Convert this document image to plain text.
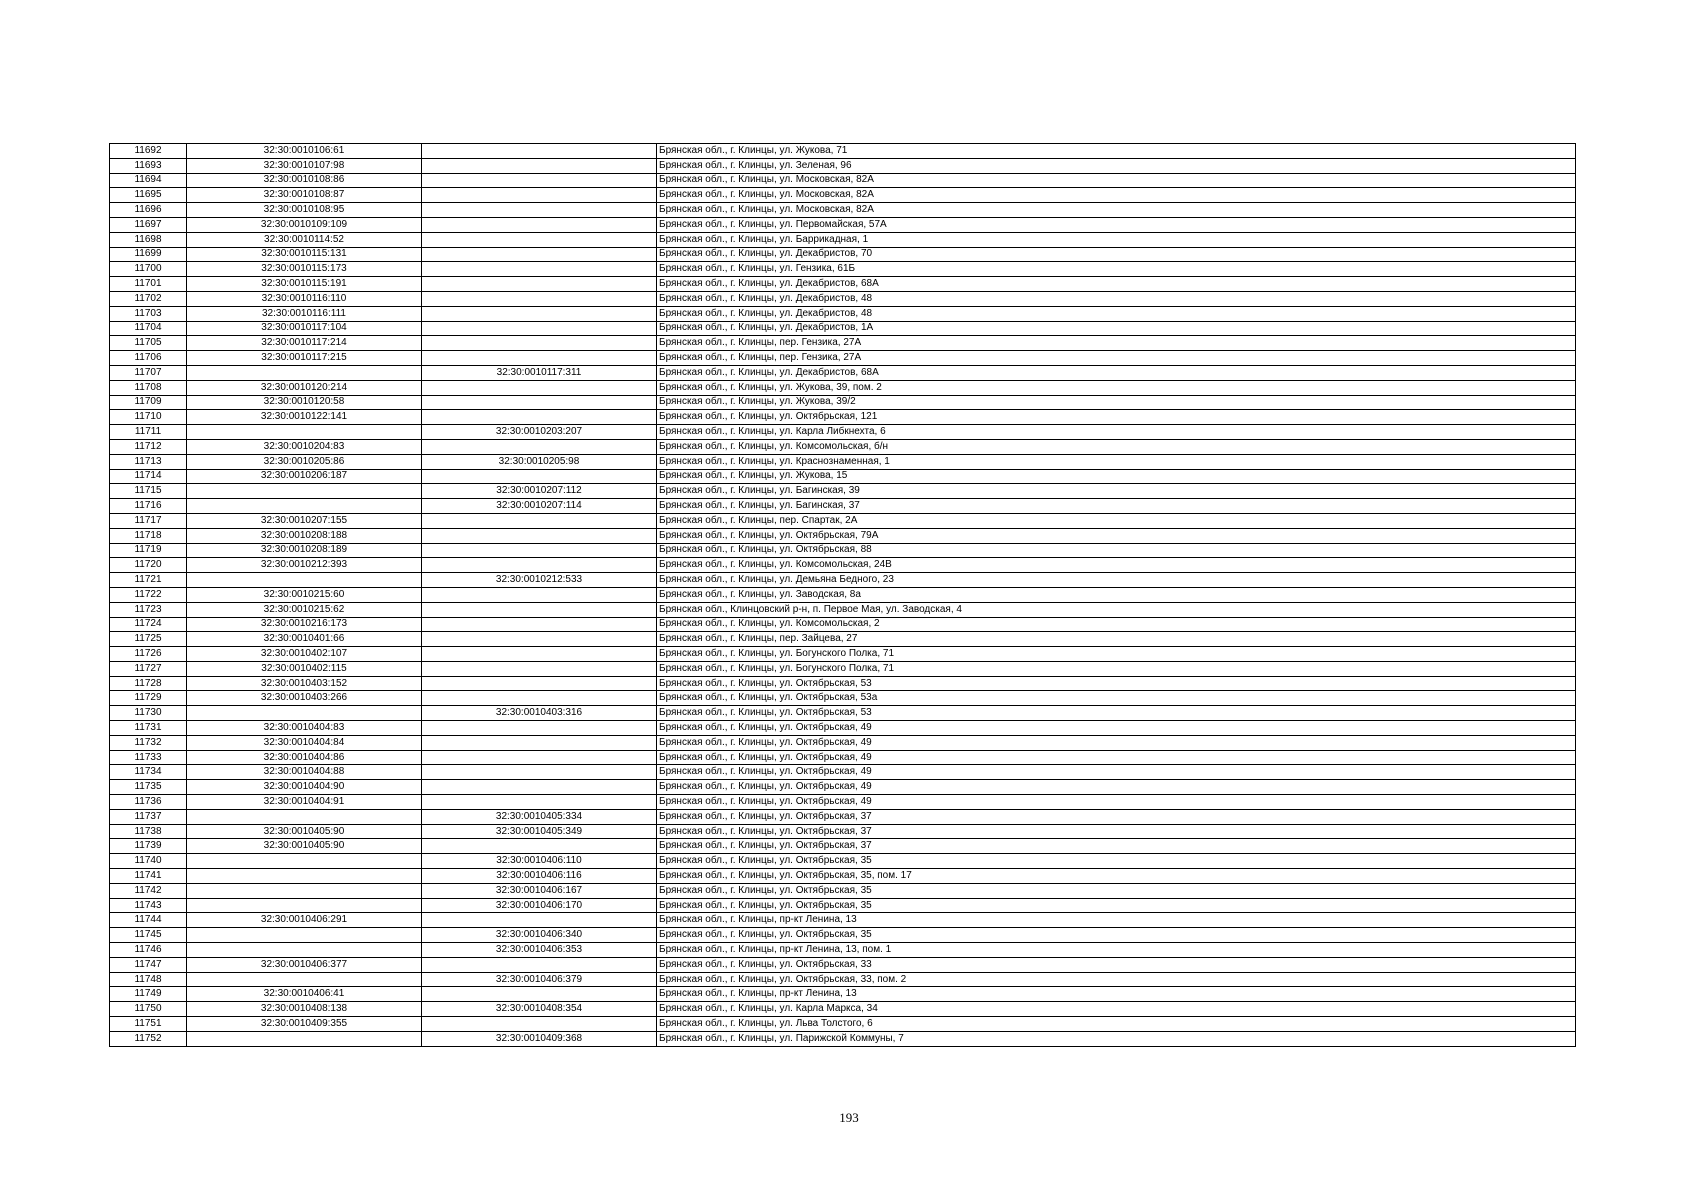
11692	32:30:0010106:61		Брянская обл., г. Клинцы, ул. Жукова, 71
11693	32:30:0010107:98		Брянская обл., г. Клинцы, ул. Зеленая, 96
11694	32:30:0010108:86		Брянская обл., г. Клинцы, ул. Московская, 82А
11695	32:30:0010108:87		Брянская обл., г. Клинцы, ул. Московская, 82А
11696	32:30:0010108:95		Брянская обл., г. Клинцы, ул. Московская, 82А
11697	32:30:0010109:109		Брянская обл., г. Клинцы, ул. Первомайская, 57А
11698	32:30:0010114:52		Брянская обл., г. Клинцы, ул. Баррикадная, 1
11699	32:30:0010115:131		Брянская обл., г. Клинцы, ул. Декабристов, 70
11700	32:30:0010115:173		Брянская обл., г. Клинцы, ул. Гензика, 61Б
11701	32:30:0010115:191		Брянская обл., г. Клинцы, ул. Декабристов, 68А
11702	32:30:0010116:110		Брянская обл., г. Клинцы, ул. Декабристов, 48
11703	32:30:0010116:111		Брянская обл., г. Клинцы, ул. Декабристов, 48
11704	32:30:0010117:104		Брянская обл., г. Клинцы, ул. Декабристов, 1А
11705	32:30:0010117:214		Брянская обл., г. Клинцы, пер. Гензика, 27А
11706	32:30:0010117:215		Брянская обл., г. Клинцы, пер. Гензика, 27А
11707		32:30:0010117:311	Брянская обл., г. Клинцы, ул. Декабристов, 68А
11708	32:30:0010120:214		Брянская обл., г. Клинцы, ул. Жукова, 39, пом. 2
11709	32:30:0010120:58		Брянская обл., г. Клинцы, ул. Жукова, 39/2
11710	32:30:0010122:141		Брянская обл., г. Клинцы, ул. Октябрьская, 121
11711		32:30:0010203:207	Брянская обл., г. Клинцы, ул. Карла Либкнехта, 6
11712	32:30:0010204:83		Брянская обл., г. Клинцы, ул. Комсомольская, б/н
11713	32:30:0010205:86	32:30:0010205:98	Брянская обл., г. Клинцы, ул. Краснознаменная, 1
11714	32:30:0010206:187		Брянская обл., г. Клинцы, ул. Жукова, 15
11715		32:30:0010207:112	Брянская обл., г. Клинцы, ул. Багинская, 39
11716		32:30:0010207:114	Брянская обл., г. Клинцы, ул. Багинская, 37
11717	32:30:0010207:155		Брянская обл., г. Клинцы, пер. Спартак, 2А
11718	32:30:0010208:188		Брянская обл., г. Клинцы, ул. Октябрьская, 79А
11719	32:30:0010208:189		Брянская обл., г. Клинцы, ул. Октябрьская, 88
11720	32:30:0010212:393		Брянская обл., г. Клинцы, ул. Комсомольская, 24В
11721		32:30:0010212:533	Брянская обл., г. Клинцы, ул. Демьяна Бедного, 23
11722	32:30:0010215:60		Брянская обл., г. Клинцы, ул. Заводская, 8а
11723	32:30:0010215:62		Брянская обл., Клинцовский р-н, п. Первое Мая, ул. Заводская, 4
11724	32:30:0010216:173		Брянская обл., г. Клинцы, ул. Комсомольская, 2
11725	32:30:0010401:66		Брянская обл., г. Клинцы, пер. Зайцева, 27
11726	32:30:0010402:107		Брянская обл., г. Клинцы, ул. Богунского Полка, 71
11727	32:30:0010402:115		Брянская обл., г. Клинцы, ул. Богунского Полка, 71
11728	32:30:0010403:152		Брянская обл., г. Клинцы, ул. Октябрьская, 53
11729	32:30:0010403:266		Брянская обл., г. Клинцы, ул. Октябрьская, 53а
11730		32:30:0010403:316	Брянская обл., г. Клинцы, ул. Октябрьская, 53
11731	32:30:0010404:83		Брянская обл., г. Клинцы, ул. Октябрьская, 49
11732	32:30:0010404:84		Брянская обл., г. Клинцы, ул. Октябрьская, 49
11733	32:30:0010404:86		Брянская обл., г. Клинцы, ул. Октябрьская, 49
11734	32:30:0010404:88		Брянская обл., г. Клинцы, ул. Октябрьская, 49
11735	32:30:0010404:90		Брянская обл., г. Клинцы, ул. Октябрьская, 49
11736	32:30:0010404:91		Брянская обл., г. Клинцы, ул. Октябрьская, 49
11737		32:30:0010405:334	Брянская обл., г. Клинцы, ул. Октябрьская, 37
11738	32:30:0010405:90	32:30:0010405:349	Брянская обл., г. Клинцы, ул. Октябрьская, 37
11739	32:30:0010405:90		Брянская обл., г. Клинцы, ул. Октябрьская, 37
11740		32:30:0010406:110	Брянская обл., г. Клинцы, ул. Октябрьская, 35
11741		32:30:0010406:116	Брянская обл., г. Клинцы, ул. Октябрьская, 35, пом. 17
11742		32:30:0010406:167	Брянская обл., г. Клинцы, ул. Октябрьская, 35
11743		32:30:0010406:170	Брянская обл., г. Клинцы, ул. Октябрьская, 35
11744	32:30:0010406:291		Брянская обл., г. Клинцы, пр-кт Ленина, 13
11745		32:30:0010406:340	Брянская обл., г. Клинцы, ул. Октябрьская, 35
11746		32:30:0010406:353	Брянская обл., г. Клинцы, пр-кт Ленина, 13, пом. 1
11747	32:30:0010406:377		Брянская обл., г. Клинцы, ул. Октябрьская, 33
11748		32:30:0010406:379	Брянская обл., г. Клинцы, ул. Октябрьская, 33, пом. 2
11749	32:30:0010406:41		Брянская обл., г. Клинцы, пр-кт Ленина, 13
11750	32:30:0010408:138	32:30:0010408:354	Брянская обл., г. Клинцы, ул. Карла Маркса, 34
11751	32:30:0010409:355		Брянская обл., г. Клинцы, ул. Льва Толстого, 6
11752		32:30:0010409:368	Брянская обл., г. Клинцы, ул. Парижской Коммуны, 7
193
